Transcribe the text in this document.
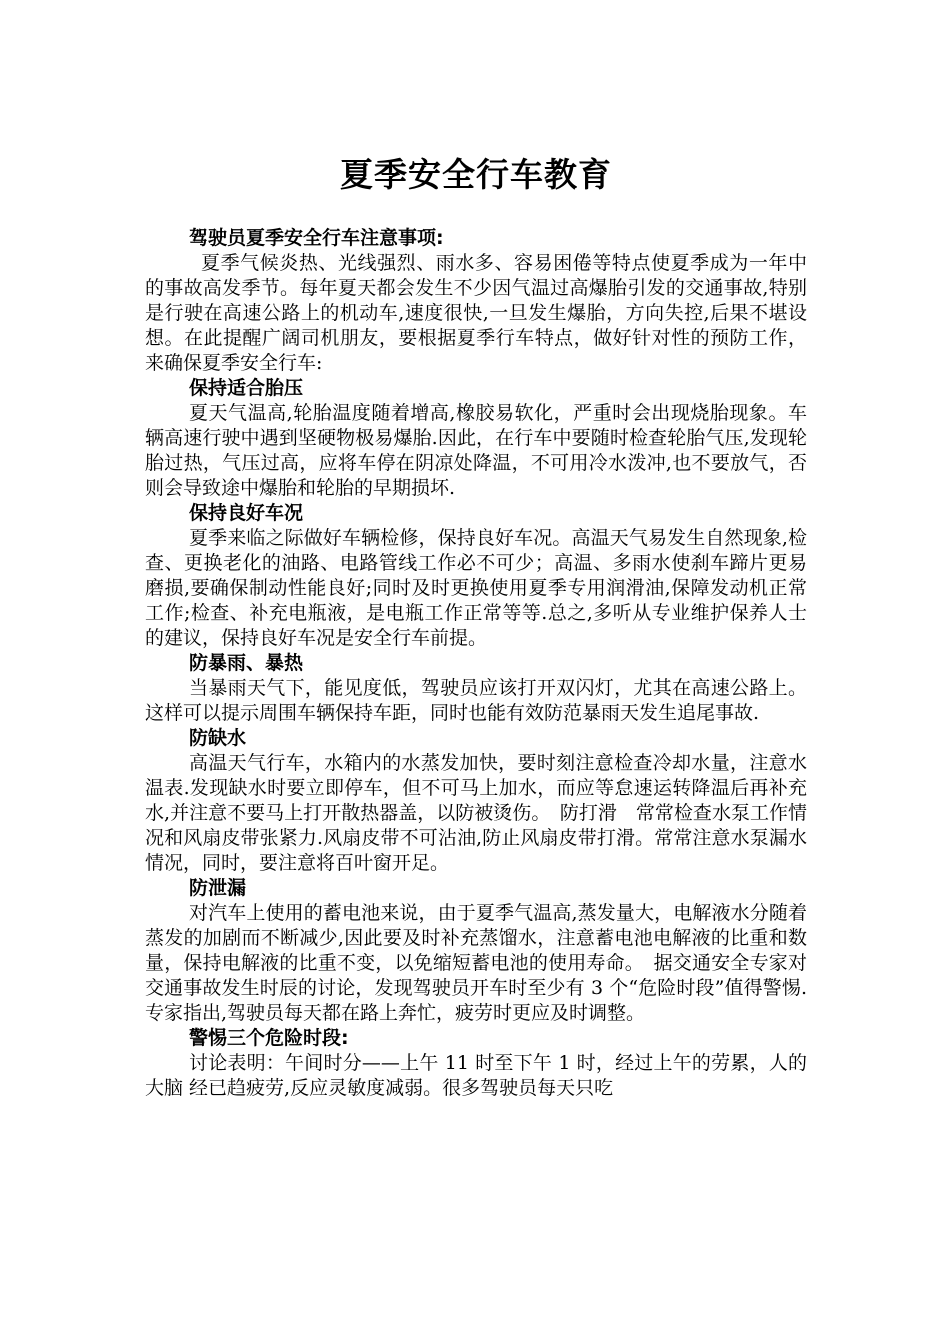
夏季安全行车教育

驾驶员夏季安全行车注意事项:

夏季气候炎热、光线强烈、雨水多、容易困倦等特点使夏季成为一年中的事故高发季节。每年夏天都会发生不少因气温过高爆胎引发的交通事故,特别是行驶在高速公路上的机动车,速度很快,一旦发生爆胎，方向失控,后果不堪设想。在此提醒广阔司机朋友，要根据夏季行车特点，做好针对性的预防工作，来确保夏季安全行车:

保持适合胎压

夏天气温高,轮胎温度随着增高,橡胶易软化，严重时会出现烧胎现象。车辆高速行驶中遇到坚硬物极易爆胎.因此，在行车中要随时检查轮胎气压,发现轮胎过热，气压过高，应将车停在阴凉处降温，不可用冷水泼冲,也不要放气，否则会导致途中爆胎和轮胎的早期损坏.

保持良好车况

夏季来临之际做好车辆检修，保持良好车况。高温天气易发生自然现象,检查、更换老化的油路、电路管线工作必不可少；高温、多雨水使刹车蹄片更易磨损,要确保制动性能良好;同时及时更换使用夏季专用润滑油,保障发动机正常工作;检查、补充电瓶液，是电瓶工作正常等等.总之,多听从专业维护保养人士的建议，保持良好车况是安全行车前提。

防暴雨、暴热

当暴雨天气下，能见度低，驾驶员应该打开双闪灯，尤其在高速公路上。这样可以提示周围车辆保持车距，同时也能有效防范暴雨天发生追尾事故.

防缺水

高温天气行车，水箱内的水蒸发加快，要时刻注意检查冷却水量，注意水温表.发现缺水时要立即停车，但不可马上加水，而应等怠速运转降温后再补充水,并注意不要马上打开散热器盖，以防被烫伤。　防打滑　常常检查水泵工作情况和风扇皮带张紧力.风扇皮带不可沾油,防止风扇皮带打滑。常常注意水泵漏水情况，同时，要注意将百叶窗开足。

防泄漏

对汽车上使用的蓄电池来说，由于夏季气温高,蒸发量大，电解液水分随着蒸发的加剧而不断减少,因此要及时补充蒸馏水，注意蓄电池电解液的比重和数量，保持电解液的比重不变，以免缩短蓄电池的使用寿命。　据交通安全专家对交通事故发生时辰的讨论，发现驾驶员开车时至少有 3 个“危险时段”值得警惕.专家指出,驾驶员每天都在路上奔忙，疲劳时更应及时调整。

警惕三个危险时段:

讨论表明：午间时分——上午 11 时至下午 1 时，经过上午的劳累，人的大脑 经已趋疲劳,反应灵敏度减弱。很多驾驶员每天只吃
